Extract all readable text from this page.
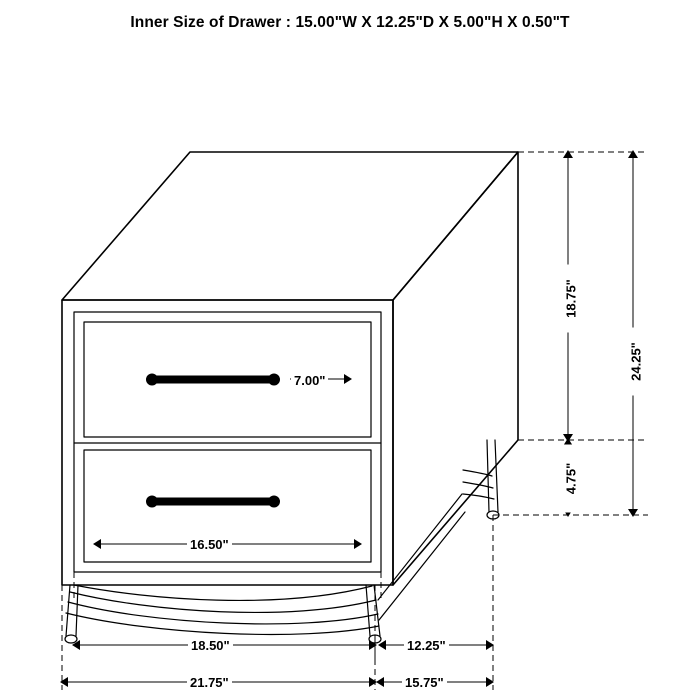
Inner Size of Drawer : 15.00"W X 12.25"D X 5.00"H X 0.50"T
7.00"
16.50"
18.75"
24.25"
4.75"
18.50"	12.25"
21.75"	15.75"
